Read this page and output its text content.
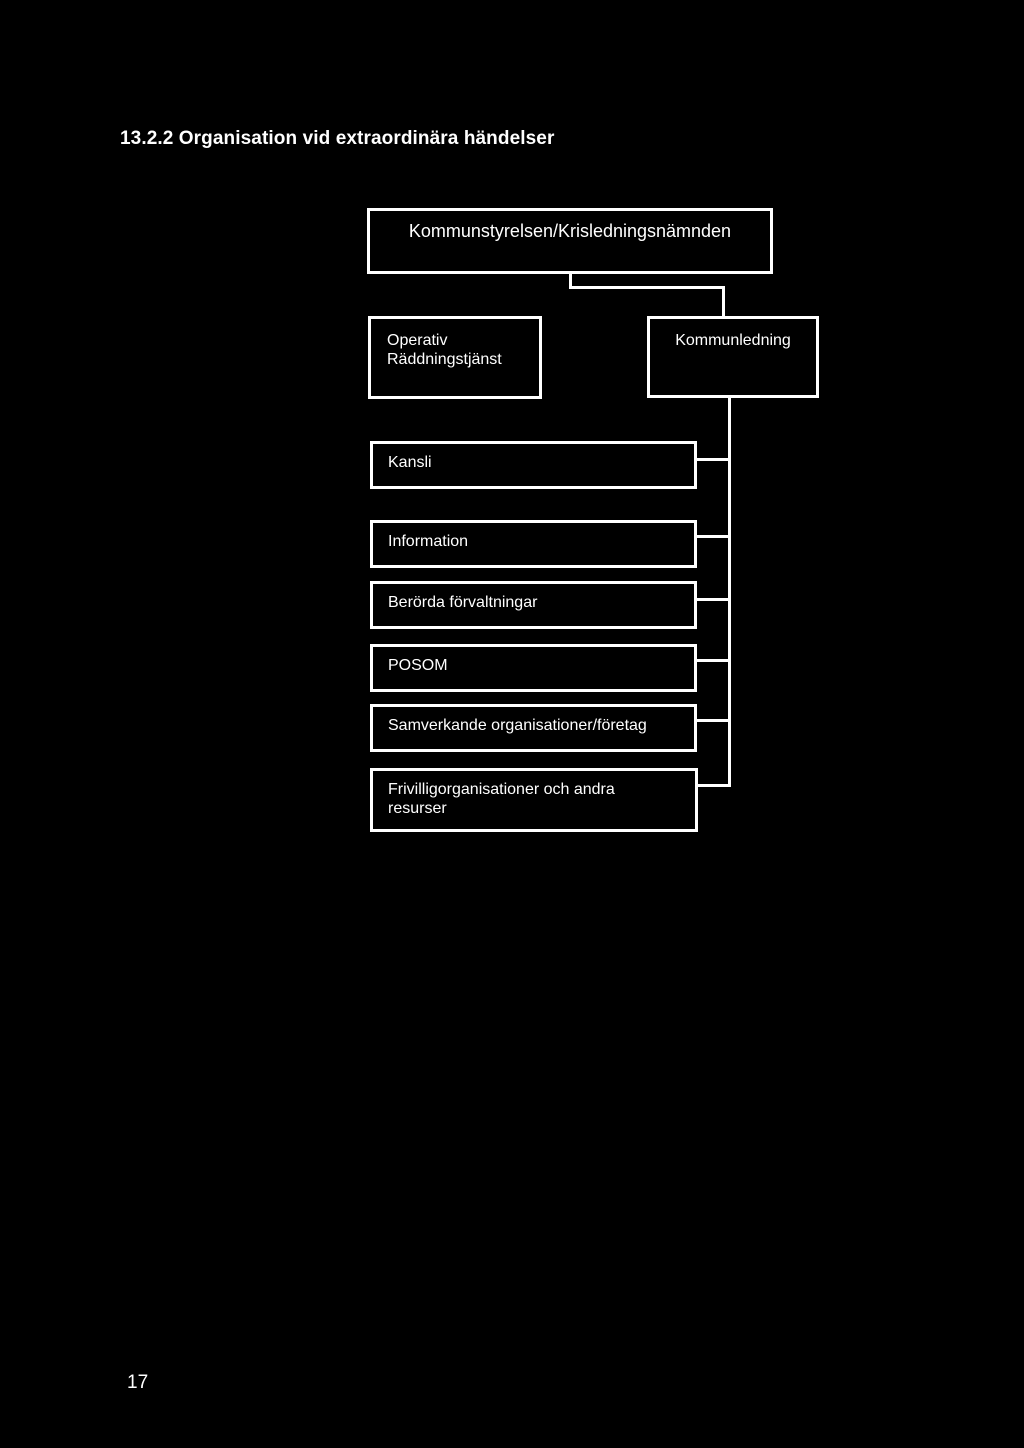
13.2.2 Organisation vid extraordinära händelser
Kommunstyrelsen/Krisledningsnämnden
Operativ
Räddningstjänst
Kommunledning
Kansli
Information
Berörda förvaltningar
POSOM
Samverkande organisationer/företag
Frivilligorganisationer och andra
resurser
17
